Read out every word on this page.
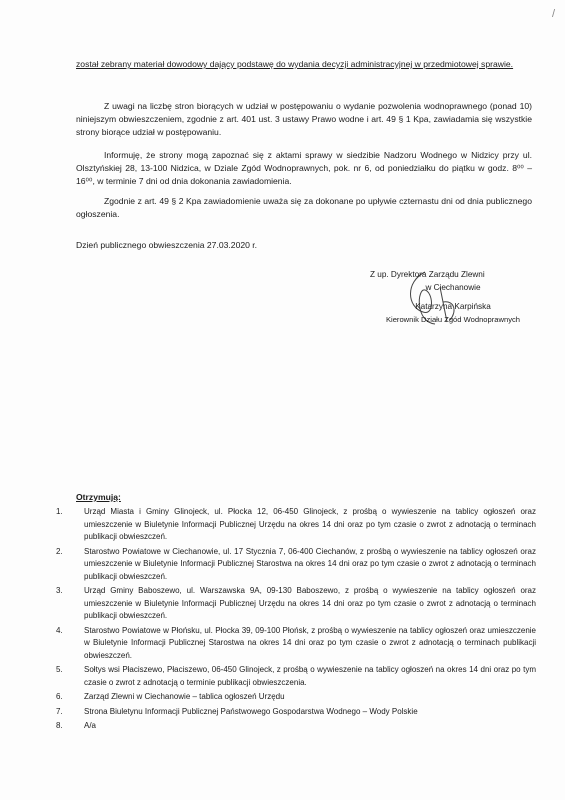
/
został zebrany materiał dowodowy dający podstawę do wydania decyzji administracyjnej w przedmiotowej sprawie.
Z uwagi na liczbę stron biorących w udział w postępowaniu o wydanie pozwolenia wodnoprawnego (ponad 10) niniejszym obwieszczeniem, zgodnie z art. 401 ust. 3 ustawy Prawo wodne i art. 49 § 1 Kpa, zawiadamia się wszystkie strony biorące udział w postępowaniu.
Informuję, że strony mogą zapoznać się z aktami sprawy w siedzibie Nadzoru Wodnego w Nidzicy przy ul. Olsztyńskiej 28, 13-100 Nidzica, w Dziale Zgód Wodnoprawnych, pok. nr 6, od poniedziałku do piątku w godz. 8⁰⁰ – 16⁰⁰, w terminie 7 dni od dnia dokonania zawiadomienia.
Zgodnie z art. 49 § 2 Kpa zawiadomienie uważa się za dokonane po upływie czternastu dni od dnia publicznego ogłoszenia.
Dzień publicznego obwieszczenia 27.03.2020 r.
Z up. Dyrektora Zarządu Zlewni
w Ciechanowie
Katarzyna Karpińska
Kierownik Działu Zgód Wodnoprawnych
Otrzymują:
1.	Urząd Miasta i Gminy Glinojeck, ul. Płocka 12, 06-450 Glinojeck, z prośbą o wywieszenie na tablicy ogłoszeń oraz umieszczenie w Biuletynie Informacji Publicznej Urzędu na okres 14 dni oraz po tym czasie o zwrot z adnotacją o terminach publikacji obwieszczeń.
2.	Starostwo Powiatowe w Ciechanowie, ul. 17 Stycznia 7, 06-400 Ciechanów, z prośbą o wywieszenie na tablicy ogłoszeń oraz umieszczenie w Biuletynie Informacji Publicznej Starostwa na okres 14 dni oraz po tym czasie o zwrot z adnotacją o terminach publikacji obwieszczeń.
3.	Urząd Gminy Baboszewo, ul. Warszawska 9A, 09-130 Baboszewo, z prośbą o wywieszenie na tablicy ogłoszeń oraz umieszczenie w Biuletynie Informacji Publicznej Urzędu na okres 14 dni oraz po tym czasie o zwrot z adnotacją o terminach publikacji obwieszczeń.
4.	Starostwo Powiatowe w Płońsku, ul. Płocka 39, 09-100 Płońsk, z prośbą o wywieszenie na tablicy ogłoszeń oraz umieszczenie w Biuletynie Informacji Publicznej Starostwa na okres 14 dni oraz po tym czasie o zwrot z adnotacją o terminach publikacji obwieszczeń.
5.	Sołtys wsi Płaciszewo, Płaciszewo, 06-450 Glinojeck, z prośbą o wywieszenie na tablicy ogłoszeń na okres 14 dni oraz po tym czasie o zwrot z adnotacją o terminie publikacji obwieszczenia.
6.	Zarząd Zlewni w Ciechanowie – tablica ogłoszeń Urzędu
7.	Strona Biuletynu Informacji Publicznej Państwowego Gospodarstwa Wodnego – Wody Polskie
8.	A/a
